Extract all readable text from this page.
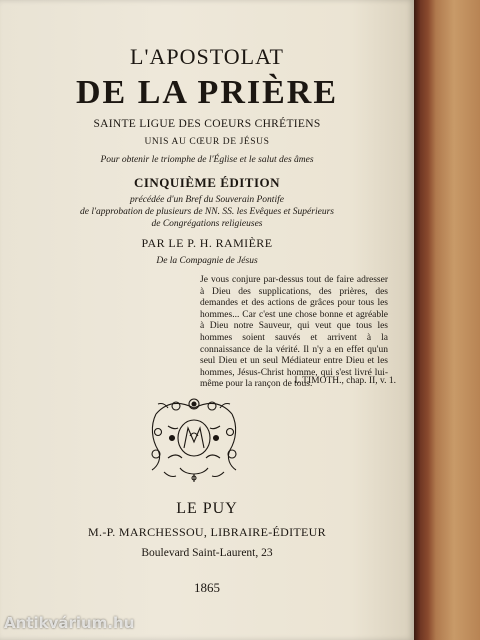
L'APOSTOLAT
DE LA PRIÈRE
SAINTE LIGUE DES COEURS CHRÉTIENS
UNIS AU CŒUR DE JÉSUS
Pour obtenir le triomphe de l'Église et le salut des âmes
CINQUIÈME ÉDITION
précédée d'un Bref du Souverain Pontife
de l'approbation de plusieurs de NN. SS. les Evêques et Supérieurs
de Congrégations religieuses
PAR LE P. H. RAMIÈRE
De la Compagnie de Jésus
Je vous conjure par-dessus tout de faire adresser à Dieu des supplications, des prières, des demandes et des actions de grâces pour tous les hommes... Car c'est une chose bonne et agréable à Dieu notre Sauveur, qui veut que tous les hommes soient sauvés et arrivent à la connaissance de la vérité. Il n'y a en effet qu'un seul Dieu et un seul Médiateur entre Dieu et les hommes, Jésus-Christ homme, qui s'est livré lui-même pour la rançon de tous.
I. TIMOTH., chap. II, v. 1.
LE PUY
M.-P. MARCHESSOU, LIBRAIRE-ÉDITEUR
Boulevard Saint-Laurent, 23
1865
Antikvárium.hu
